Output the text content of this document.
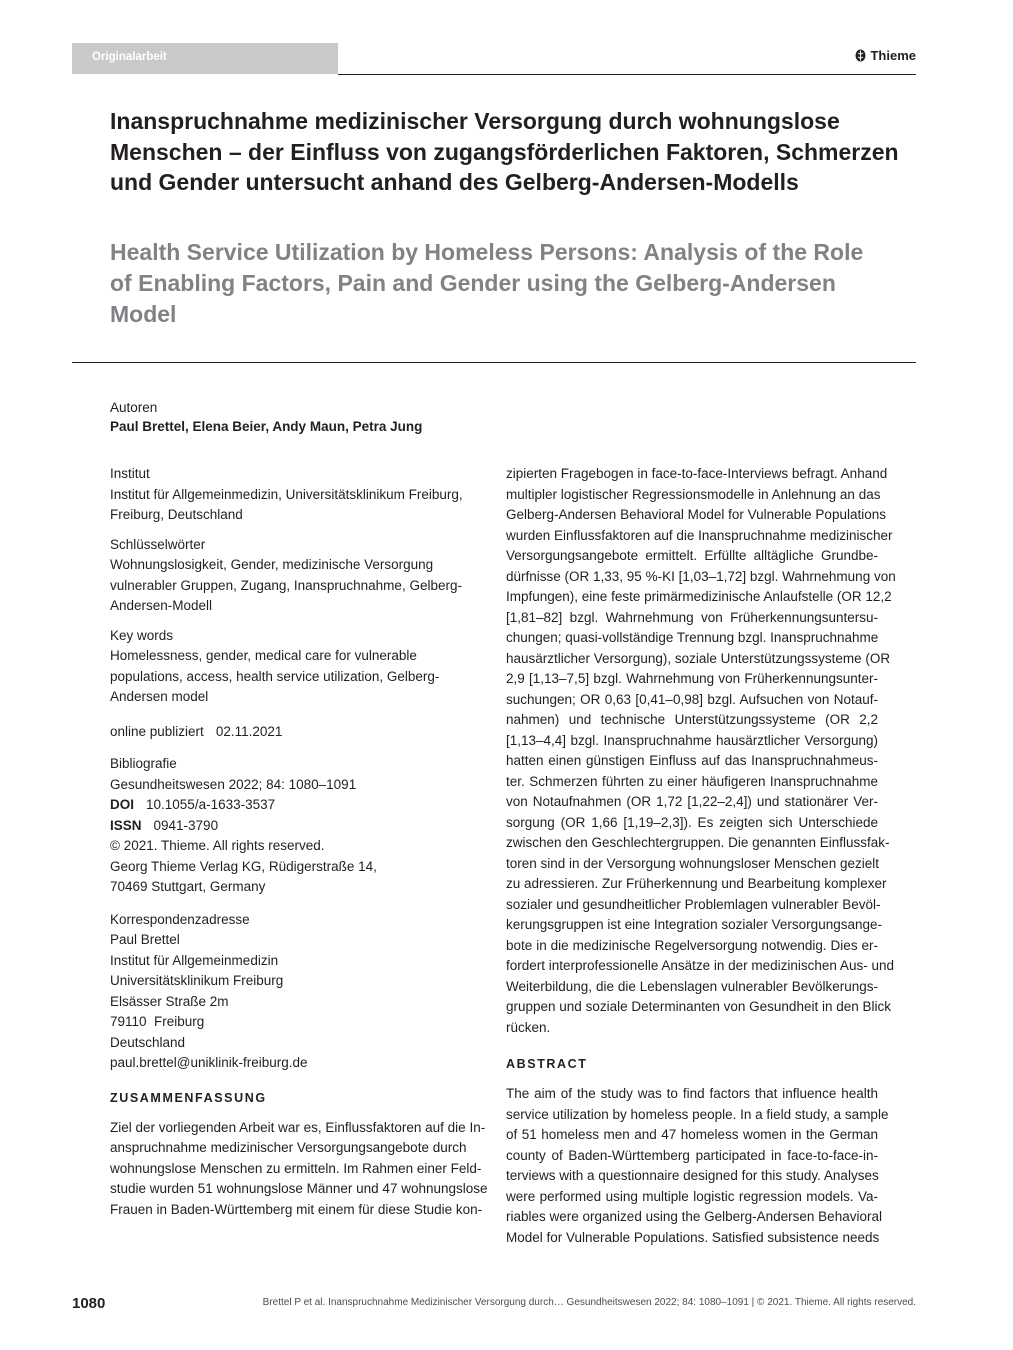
Originalarbeit	Thieme
Inanspruchnahme medizinischer Versorgung durch wohnungslose Menschen – der Einfluss von zugangsförderlichen Faktoren, Schmerzen und Gender untersucht anhand des Gelberg-Andersen-Modells
Health Service Utilization by Homeless Persons: Analysis of the Role of Enabling Factors, Pain and Gender using the Gelberg-Andersen Model
Autoren
Paul Brettel, Elena Beier, Andy Maun, Petra Jung
Institut
Institut für Allgemeinmedizin, Universitätsklinikum Freiburg,
Freiburg, Deutschland
Schlüsselwörter
Wohnungslosigkeit, Gender, medizinische Versorgung
vulnerabler Gruppen, Zugang, Inanspruchnahme, Gelberg-
Andersen-Modell
Key words
Homelessness, gender, medical care for vulnerable
populations, access, health service utilization, Gelberg-
Andersen model
online publiziert 02.11.2021
Bibliografie
Gesundheitswesen 2022; 84: 1080–1091
DOI 10.1055/a-1633-3537
ISSN 0941-3790
© 2021. Thieme. All rights reserved.
Georg Thieme Verlag KG, Rüdigerstraße 14,
70469 Stuttgart, Germany
Korrespondenzadresse
Paul Brettel
Institut für Allgemeinmedizin
Universitätsklinikum Freiburg
Elsässer Straße 2m
79110  Freiburg
Deutschland
paul.brettel@uniklinik-freiburg.de
ZUSAMMENFASSUNG
Ziel der vorliegenden Arbeit war es, Einflussfaktoren auf die In-
anspruchnahme medizinischer Versorgungsangebote durch
wohnungslose Menschen zu ermitteln. Im Rahmen einer Feld-
studie wurden 51 wohnungslose Männer und 47 wohnungslose
Frauen in Baden-Württemberg mit einem für diese Studie kon-
zipierten Fragebogen in face-to-face-Interviews befragt. Anhand
multipler logistischer Regressionsmodelle in Anlehnung an das
Gelberg-Andersen Behavioral Model for Vulnerable Populations
wurden Einflussfaktoren auf die Inanspruchnahme medizinischer
Versorgungsangebote ermittelt. Erfüllte alltägliche Grundbe-
dürfnisse (OR 1,33, 95 %-KI [1,03–1,72] bzgl. Wahrnehmung von
Impfungen), eine feste primärmedizinische Anlaufstelle (OR 12,2
[1,81–82] bzgl. Wahrnehmung von Früherkennungsuntersu-
chungen; quasi-vollständige Trennung bzgl. Inanspruchnahme
hausärztlicher Versorgung), soziale Unterstützungssysteme (OR
2,9 [1,13–7,5] bzgl. Wahrnehmung von Früherkennungsunter-
suchungen; OR 0,63 [0,41–0,98] bzgl. Aufsuchen von Notauf-
nahmen) und technische Unterstützungssysteme (OR 2,2
[1,13–4,4] bzgl. Inanspruchnahme hausärztlicher Versorgung)
hatten einen günstigen Einfluss auf das Inanspruchnahmeus-
ter. Schmerzen führten zu einer häufigeren Inanspruchnahme
von Notaufnahmen (OR 1,72 [1,22–2,4]) und stationärer Ver-
sorgung (OR 1,66 [1,19–2,3]). Es zeigten sich Unterschiede
zwischen den Geschlechtergruppen. Die genannten Einflussfak-
toren sind in der Versorgung wohnungsloser Menschen gezielt
zu adressieren. Zur Früherkennung und Bearbeitung komplexer
sozialer und gesundheitlicher Problemlagen vulnerabler Bevöl-
kerungsgruppen ist eine Integration sozialer Versorgungsange-
bote in die medizinische Regelversorgung notwendig. Dies er-
fordert interprofessionelle Ansätze in der medizinischen Aus- und
Weiterbildung, die die Lebenslagen vulnerabler Bevölkerungs-
gruppen und soziale Determinanten von Gesundheit in den Blick
rücken.
ABSTRACT
The aim of the study was to find factors that influence health
service utilization by homeless people. In a field study, a sample
of 51 homeless men and 47 homeless women in the German
county of Baden-Württemberg participated in face-to-face-in-
terviews with a questionnaire designed for this study. Analyses
were performed using multiple logistic regression models. Va-
riables were organized using the Gelberg-Andersen Behavioral
Model for Vulnerable Populations. Satisfied subsistence needs
1080	Brettel P et al. Inanspruchnahme Medizinischer Versorgung durch… Gesundheitswesen 2022; 84: 1080–1091 | © 2021. Thieme. All rights reserved.
